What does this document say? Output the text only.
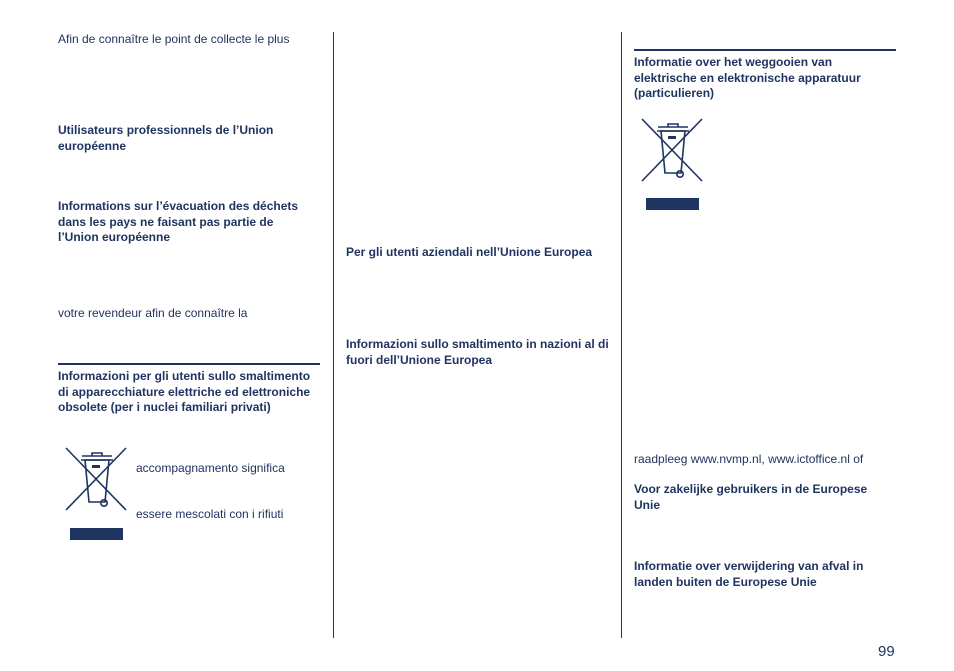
Afin de connaître le point de collecte le plus

Utilisateurs professionnels de l’Union européenne

Informations sur l’évacuation des déchets dans les pays ne faisant pas partie de l’Union européenne

votre revendeur afin de connaître la

Informazioni per gli utenti sullo smaltimento di apparecchiature elettriche ed elettroniche obsolete (per i nuclei familiari privati)

accompagnamento significa

essere mescolati con i rifiuti

Per gli utenti aziendali nell’Unione Europea

Informazioni sullo smaltimento in nazioni al di fuori dell’Unione Europea

Informatie over het weggooien van elektrische en elektronische apparatuur (particulieren)

raadpleeg www.nvmp.nl, www.ictoffice.nl of

Voor zakelijke gebruikers in de Europese Unie

Informatie over verwijdering van afval in landen buiten de Europese Unie

99
